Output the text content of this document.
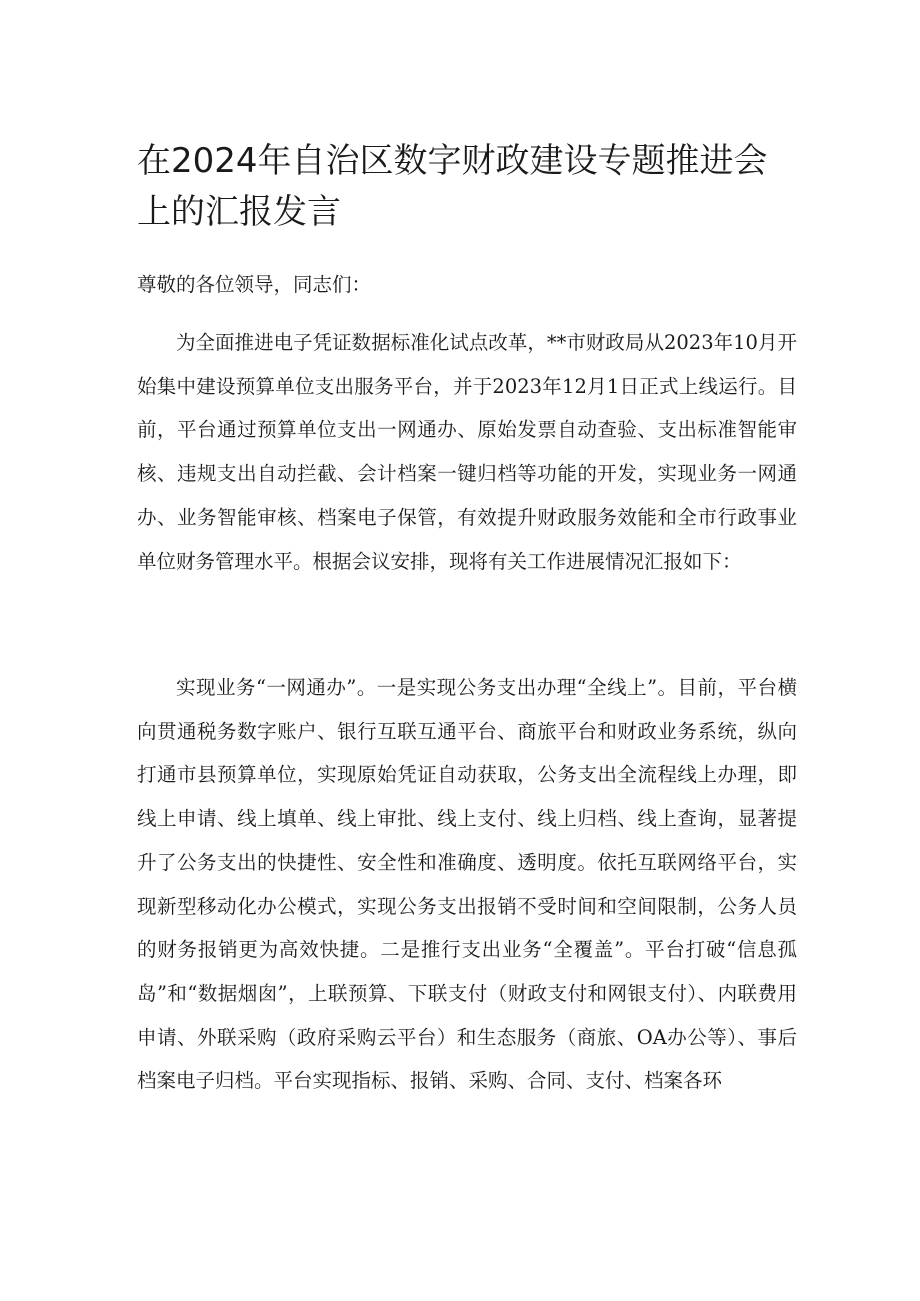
在2024年自治区数字财政建设专题推进会上的汇报发言

尊敬的各位领导，同志们：

为全面推进电子凭证数据标准化试点改革，**市财政局从2023年10月开始集中建设预算单位支出服务平台，并于2023年12月1日正式上线运行。目前，平台通过预算单位支出一网通办、原始发票自动查验、支出标准智能审核、违规支出自动拦截、会计档案一键归档等功能的开发，实现业务一网通办、业务智能审核、档案电子保管，有效提升财政服务效能和全市行政事业单位财务管理水平。根据会议安排，现将有关工作进展情况汇报如下：

实现业务“一网通办”。一是实现公务支出办理“全线上”。目前，平台横向贯通税务数字账户、银行互联互通平台、商旅平台和财政业务系统，纵向打通市县预算单位，实现原始凭证自动获取，公务支出全流程线上办理，即线上申请、线上填单、线上审批、线上支付、线上归档、线上查询，显著提升了公务支出的快捷性、安全性和准确度、透明度。依托互联网络平台，实现新型移动化办公模式，实现公务支出报销不受时间和空间限制，公务人员的财务报销更为高效快捷。二是推行支出业务“全覆盖”。平台打破“信息孤岛”和“数据烟囱”，上联预算、下联支付（财政支付和网银支付）、内联费用申请、外联采购（政府采购云平台）和生态服务（商旅、OA办公等）、事后档案电子归档。平台实现指标、报销、采购、合同、支付、档案各环
